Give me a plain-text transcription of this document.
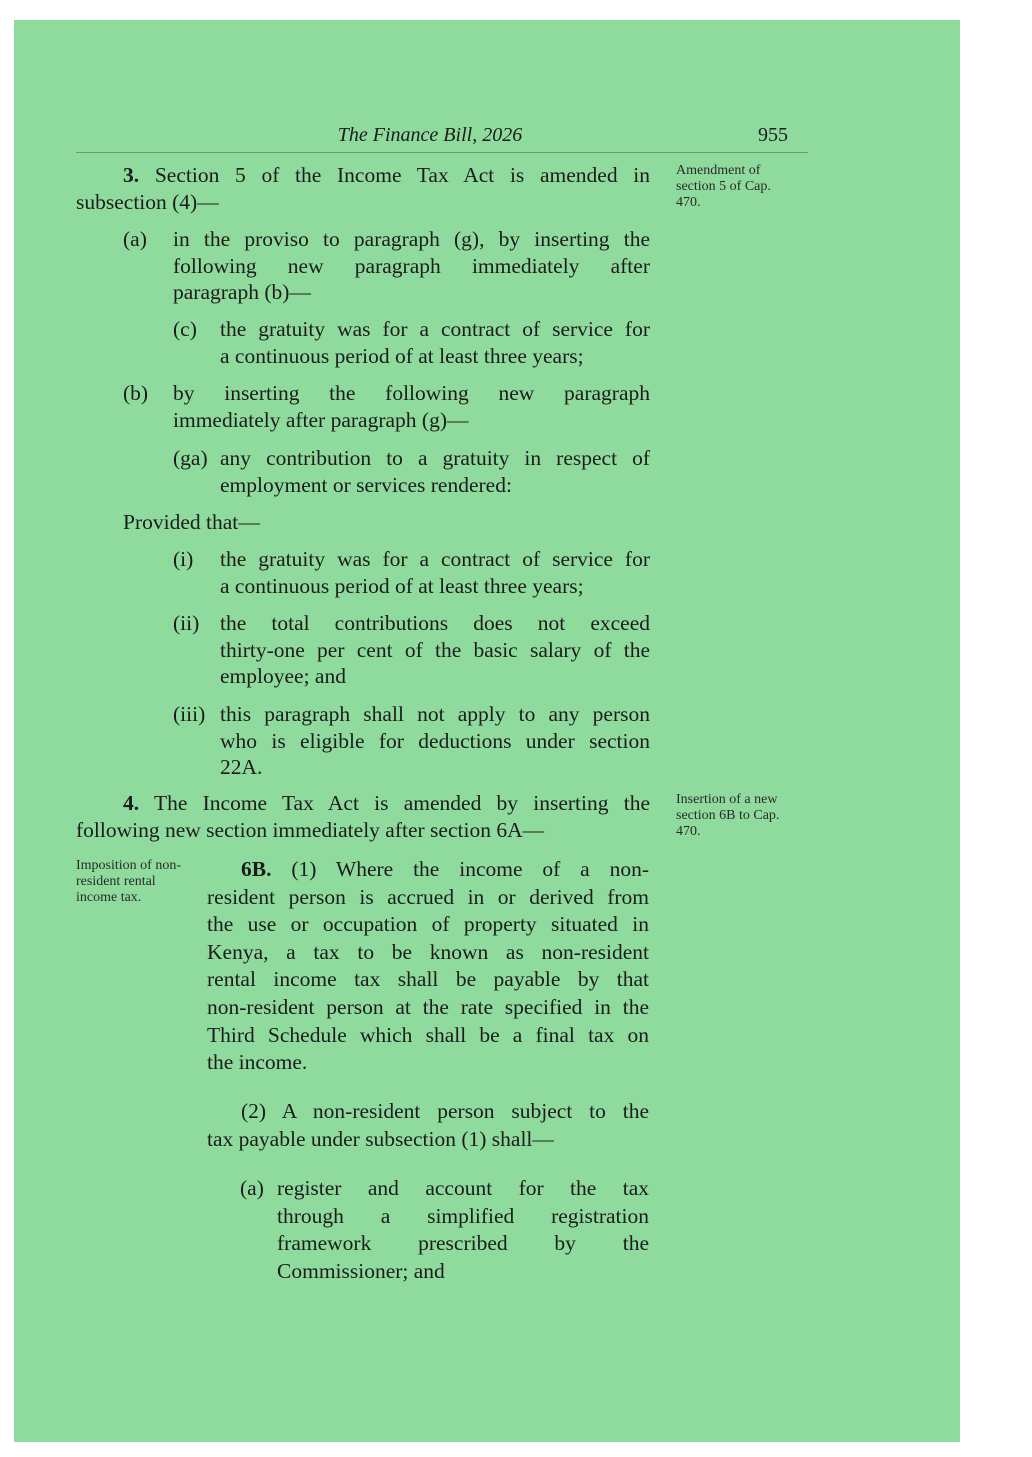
The Finance Bill, 2026	955
Amendment of
section 5 of Cap.
470.
Insertion of a new
section 6B to Cap.
470.
Imposition of non-
resident rental
income tax.
3. Section 5 of the Income Tax Act is amended in
subsection (4)—
(a) in the proviso to paragraph (g), by inserting the
following new paragraph immediately after
paragraph (b)—
(c) the gratuity was for a contract of service for
a continuous period of at least three years;
(b) by inserting the following new paragraph
immediately after paragraph (g)—
(ga) any contribution to a gratuity in respect of
employment or services rendered:
Provided that—
(i) the gratuity was for a contract of service for
a continuous period of at least three years;
(ii) the total contributions does not exceed
thirty-one per cent of the basic salary of the
employee; and
(iii) this paragraph shall not apply to any person
who is eligible for deductions under section
22A.
4. The Income Tax Act is amended by inserting the
following new section immediately after section 6A—
6B. (1) Where the income of a non-
resident person is accrued in or derived from
the use or occupation of property situated in
Kenya, a tax to be known as non-resident
rental income tax shall be payable by that
non-resident person at the rate specified in the
Third Schedule which shall be a final tax on
the income.
(2) A non-resident person subject to the
tax payable under subsection (1) shall—
(a) register and account for the tax
through a simplified registration
framework prescribed by the
Commissioner; and
